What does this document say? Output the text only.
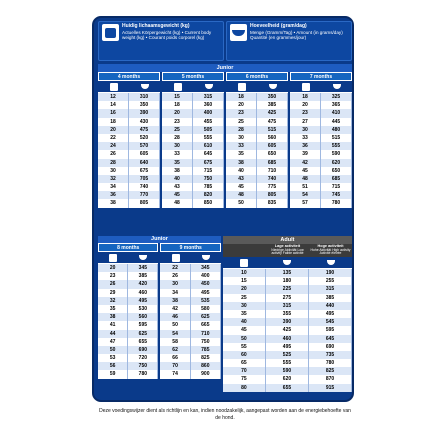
Huidig lichaamsgewicht (kg)
Actuelles Körpergewicht (kg) • Current body weight (kg) • Courant poids corporel (kg)
Hoeveelheid (gram/dag)
Menge (Gramm/Tag) • Amount (in grams/day) Quantité (en grammes/jour)
Junior
4 months
12	310
14	350
16	390
18	430
20	475
22	520
24	570
26	605
28	640
30	675
32	705
34	740
36	770
38	805
5 months
15	315
18	360
20	400
23	455
25	505
28	555
30	610
33	645
35	675
38	715
40	750
43	785
45	820
48	850
6 months
18	350
20	385
23	425
25	475
28	515
30	560
33	605
35	650
38	685
40	710
43	740
45	775
48	805
50	835
7 months
18	325
20	365
23	410
27	445
30	480
33	515
36	555
39	590
42	620
45	650
48	685
51	715
54	745
57	780
Junior
8 months
20	345
23	385
26	420
29	460
32	495
35	530
38	560
41	595
44	625
47	655
50	690
53	720
56	750
59	780
9 months
22	345
26	400
30	450
34	495
38	535
42	580
46	625
50	665
54	710
58	750
62	785
66	825
70	860
74	900
Adult
Lage activiteit
Niedrige Aktivität Low activity Faible activité
Hoge activiteit
Hohe Aktivität High activity Activité élevée
10	135	190
15	180	255
20	225	315
25	275	385
30	315	440
35	355	495
40	390	545
45	425	595
50	460	645
55	495	690
60	525	735
65	555	780
70	590	825
75	620	870
80	655	915
Deze voedingswijzer dient als richtlijn en kan, indien noodzakelijk, aangepast worden aan de energiebehoefte van de hond.
